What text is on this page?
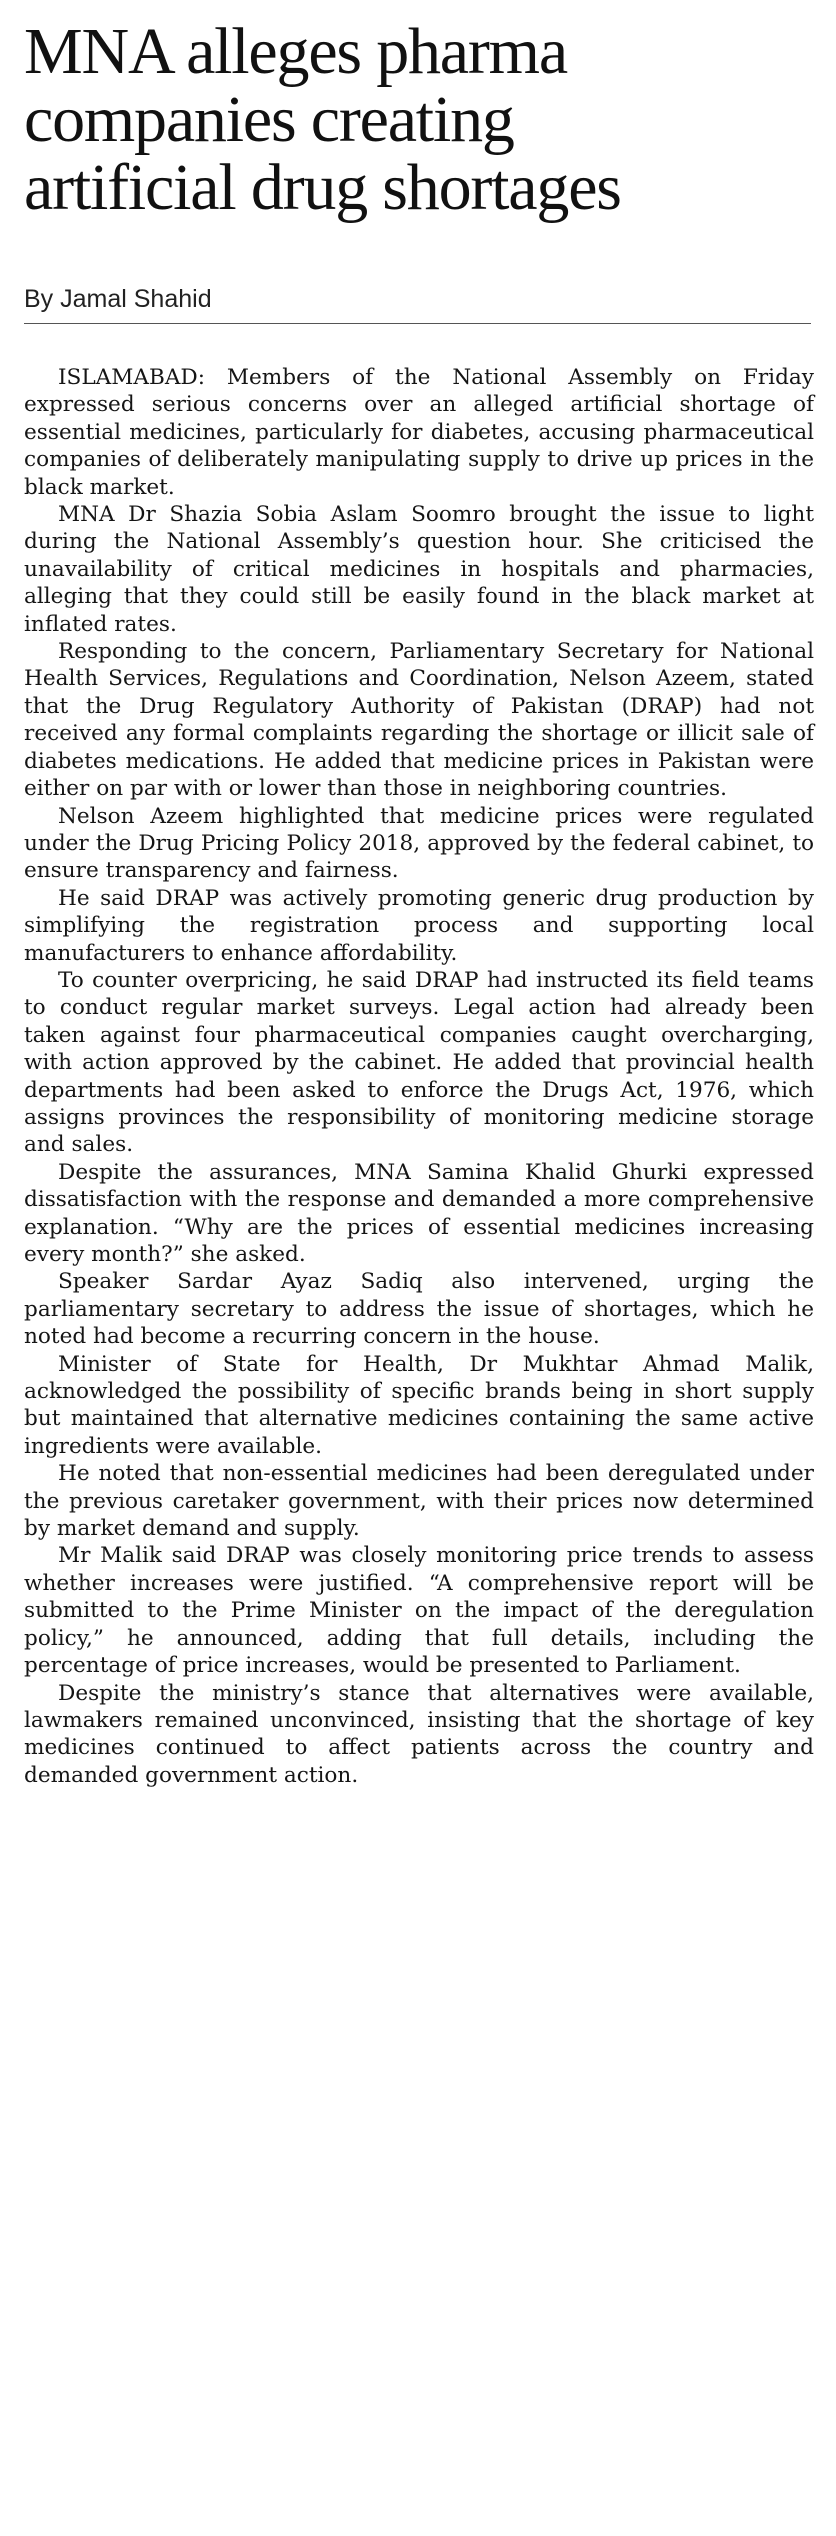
MNA alleges pharma
companies creating
artificial drug shortages
By Jamal Shahid

ISLAMABAD: Members of the National Assembly on Friday expressed serious concerns over an alleged artificial shortage of essential medicines, particularly for diabetes, accusing pharmaceutical companies of deliberately manipulating supply to drive up prices in the black market.

MNA Dr Shazia Sobia Aslam Soomro brought the issue to light during the National Assembly’s question hour. She criticised the unavailability of critical medicines in hospitals and pharmacies, alleging that they could still be easily found in the black market at inflated rates.

Responding to the concern, Parliamentary Secretary for National Health Services, Regulations and Coordination, Nelson Azeem, stated that the Drug Regulatory Authority of Pakistan (DRAP) had not received any formal complaints regarding the shortage or illicit sale of diabetes medications. He added that medicine prices in Pakistan were either on par with or lower than those in neighboring countries.

Nelson Azeem highlighted that medicine prices were regulated under the Drug Pricing Policy 2018, approved by the federal cabinet, to ensure transparency and fairness.

He said DRAP was actively promoting generic drug production by simplifying the registration process and supporting local manufacturers to enhance affordability.

To counter overpricing, he said DRAP had instructed its field teams to conduct regular market surveys. Legal action had already been taken against four pharmaceutical companies caught overcharging, with action approved by the cabinet. He added that provincial health departments had been asked to enforce the Drugs Act, 1976, which assigns provinces the responsibility of monitoring medicine storage and sales.

Despite the assurances, MNA Samina Khalid Ghurki expressed dissatisfaction with the response and demanded a more comprehensive explanation. “Why are the prices of essential medicines increasing every month?” she asked.

Speaker Sardar Ayaz Sadiq also intervened, urging the parliamentary secretary to address the issue of shortages, which he noted had become a recurring concern in the house.

Minister of State for Health, Dr Mukhtar Ahmad Malik, acknowledged the possibility of specific brands being in short supply but maintained that alternative medicines containing the same active ingredients were available.

He noted that non-essential medicines had been deregulated under the previous caretaker government, with their prices now determined by market demand and supply.

Mr Malik said DRAP was closely monitoring price trends to assess whether increases were justified. “A comprehensive report will be submitted to the Prime Minister on the impact of the deregulation policy,” he announced, adding that full details, including the percentage of price increases, would be presented to Parliament.

Despite the ministry’s stance that alternatives were available, lawmakers remained unconvinced, insisting that the shortage of key medicines continued to affect patients across the country and demanded government action.
